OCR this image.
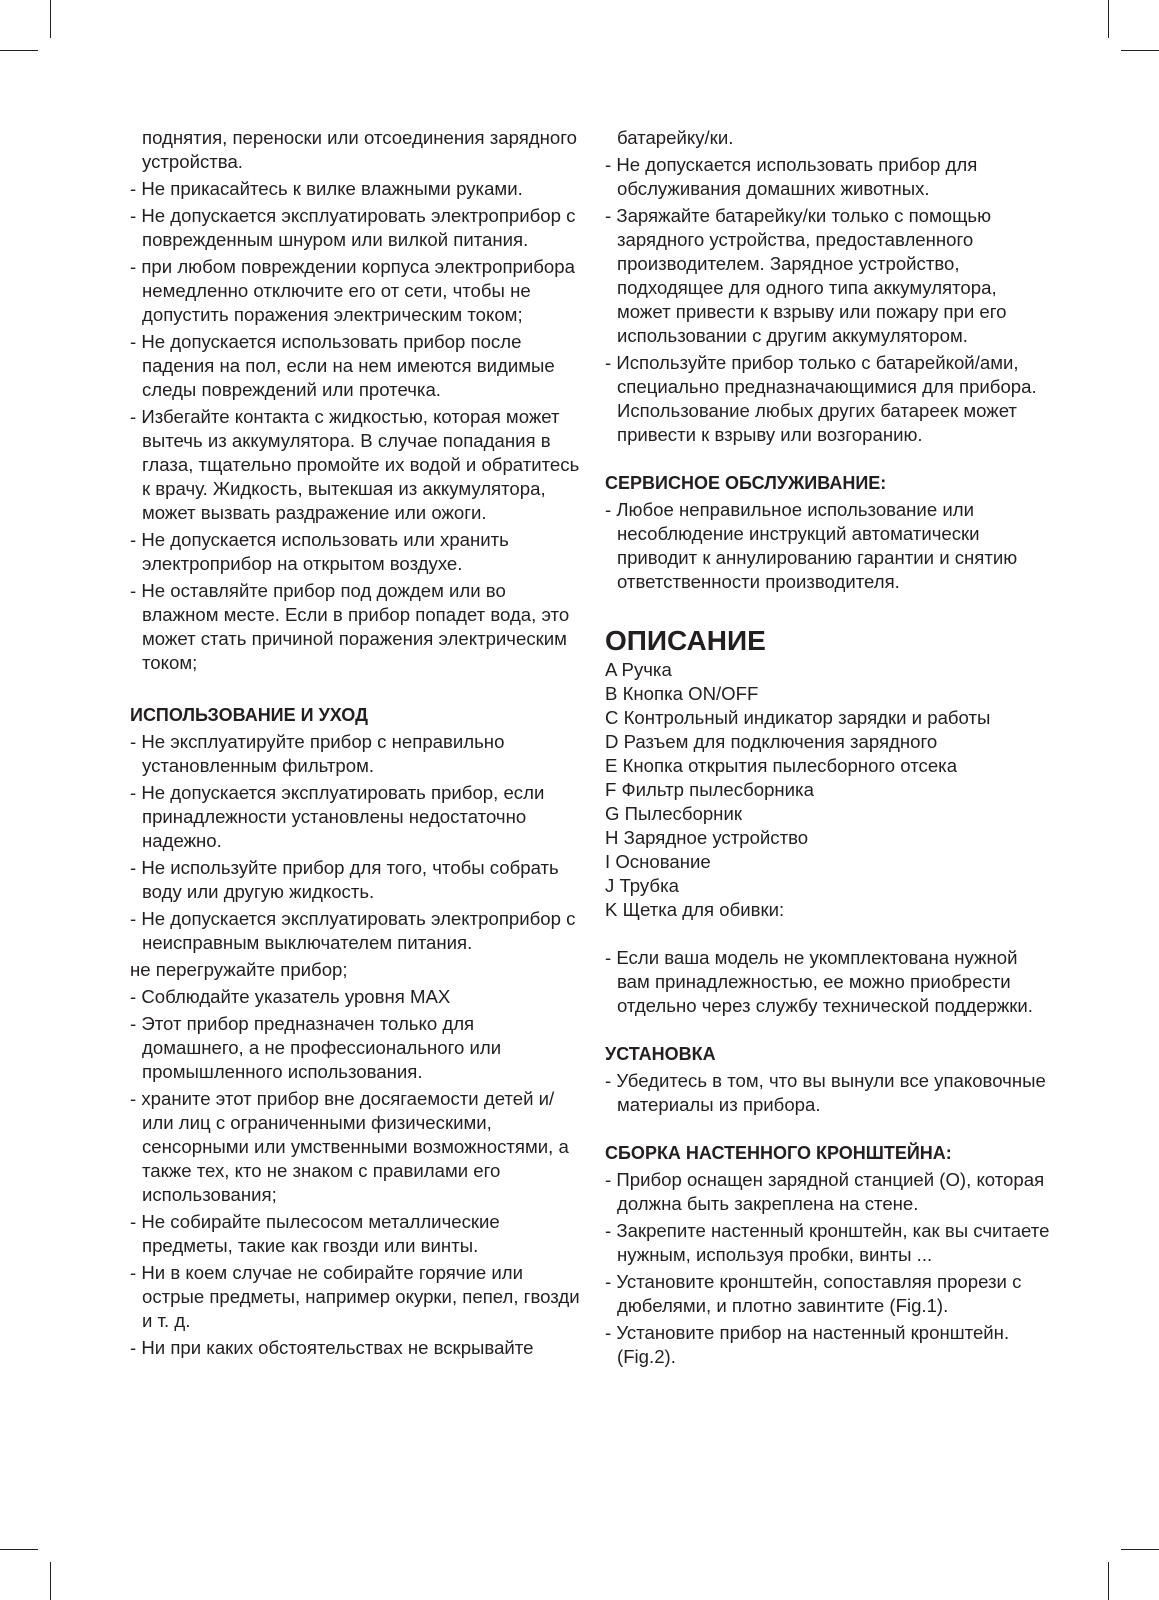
поднятия, переноски или отсоединения зарядного устройства.
- Не прикасайтесь к вилке влажными руками.
- Не допускается эксплуатировать электроприбор с поврежденным шнуром или вилкой питания.
- при любом повреждении корпуса электроприбора немедленно отключите его от сети, чтобы не допустить поражения электрическим током;
- Не допускается использовать прибор после падения на пол, если на нем имеются видимые следы повреждений или протечка.
- Избегайте контакта с жидкостью, которая может вытечь из аккумулятора. В случае попадания в глаза, тщательно промойте их водой и обратитесь к врачу. Жидкость, вытекшая из аккумулятора, может вызвать раздражение или ожоги.
- Не допускается использовать или хранить электроприбор на открытом воздухе.
- Не оставляйте прибор под дождем или во влажном месте. Если в прибор попадет вода, это может стать причиной поражения электрическим током;
ИСПОЛЬЗОВАНИЕ И УХОД
- Не эксплуатируйте прибор с неправильно установленным фильтром.
- Не допускается эксплуатировать прибор, если принадлежности установлены недостаточно надежно.
- Не используйте прибор для того, чтобы собрать воду или другую жидкость.
- Не допускается эксплуатировать электроприбор с неисправным выключателем питания.
не перегружайте прибор;
- Соблюдайте указатель уровня MAX
- Этот прибор предназначен только для домашнего, а не профессионального или промышленного использования.
- храните этот прибор вне досягаемости детей и/или лиц с ограниченными физическими, сенсорными или умственными возможностями, а также тех, кто не знаком с правилами его использования;
- Не собирайте пылесосом металлические предметы, такие как гвозди или винты.
- Ни в коем случае не собирайте горячие или острые предметы, например окурки, пепел, гвозди и т. д.
- Ни при каких обстоятельствах не вскрывайте
батарейку/ки.
- Не допускается использовать прибор для обслуживания домашних животных.
- Заряжайте батарейку/ки только с помощью зарядного устройства, предоставленного производителем. Зарядное устройство, подходящее для одного типа аккумулятора, может привести к взрыву или пожару при его использовании с другим аккумулятором.
- Используйте прибор только с батарейкой/ами, специально предназначающимися для прибора. Использование любых других батареек может привести к взрыву или возгоранию.
СЕРВИСНОЕ ОБСЛУЖИВАНИЕ:
- Любое неправильное использование или несоблюдение инструкций автоматически приводит к аннулированию гарантии и снятию ответственности производителя.
ОПИСАНИЕ
A Ручка
B Кнопка ON/OFF
C Контрольный индикатор зарядки и работы
D Разъем для подключения зарядного
E Кнопка открытия пылесборного отсека
F Фильтр пылесборника
G Пылесборник
H Зарядное устройство
I Основание
J Трубка
K Щетка для обивки:
- Если ваша модель не укомплектована нужной вам принадлежностью, ее можно приобрести отдельно через службу технической поддержки.
УСТАНОВКА
- Убедитесь в том, что вы вынули все упаковочные материалы из прибора.
СБОРКА НАСТЕННОГО КРОНШТЕЙНА:
- Прибор оснащен зарядной станцией (О), которая должна быть закреплена на стене.
- Закрепите настенный кронштейн, как вы считаете нужным, используя пробки, винты ...
- Установите кронштейн, сопоставляя прорези с дюбелями, и плотно завинтите (Fig.1).
- Установите прибор на настенный кронштейн. (Fig.2).
